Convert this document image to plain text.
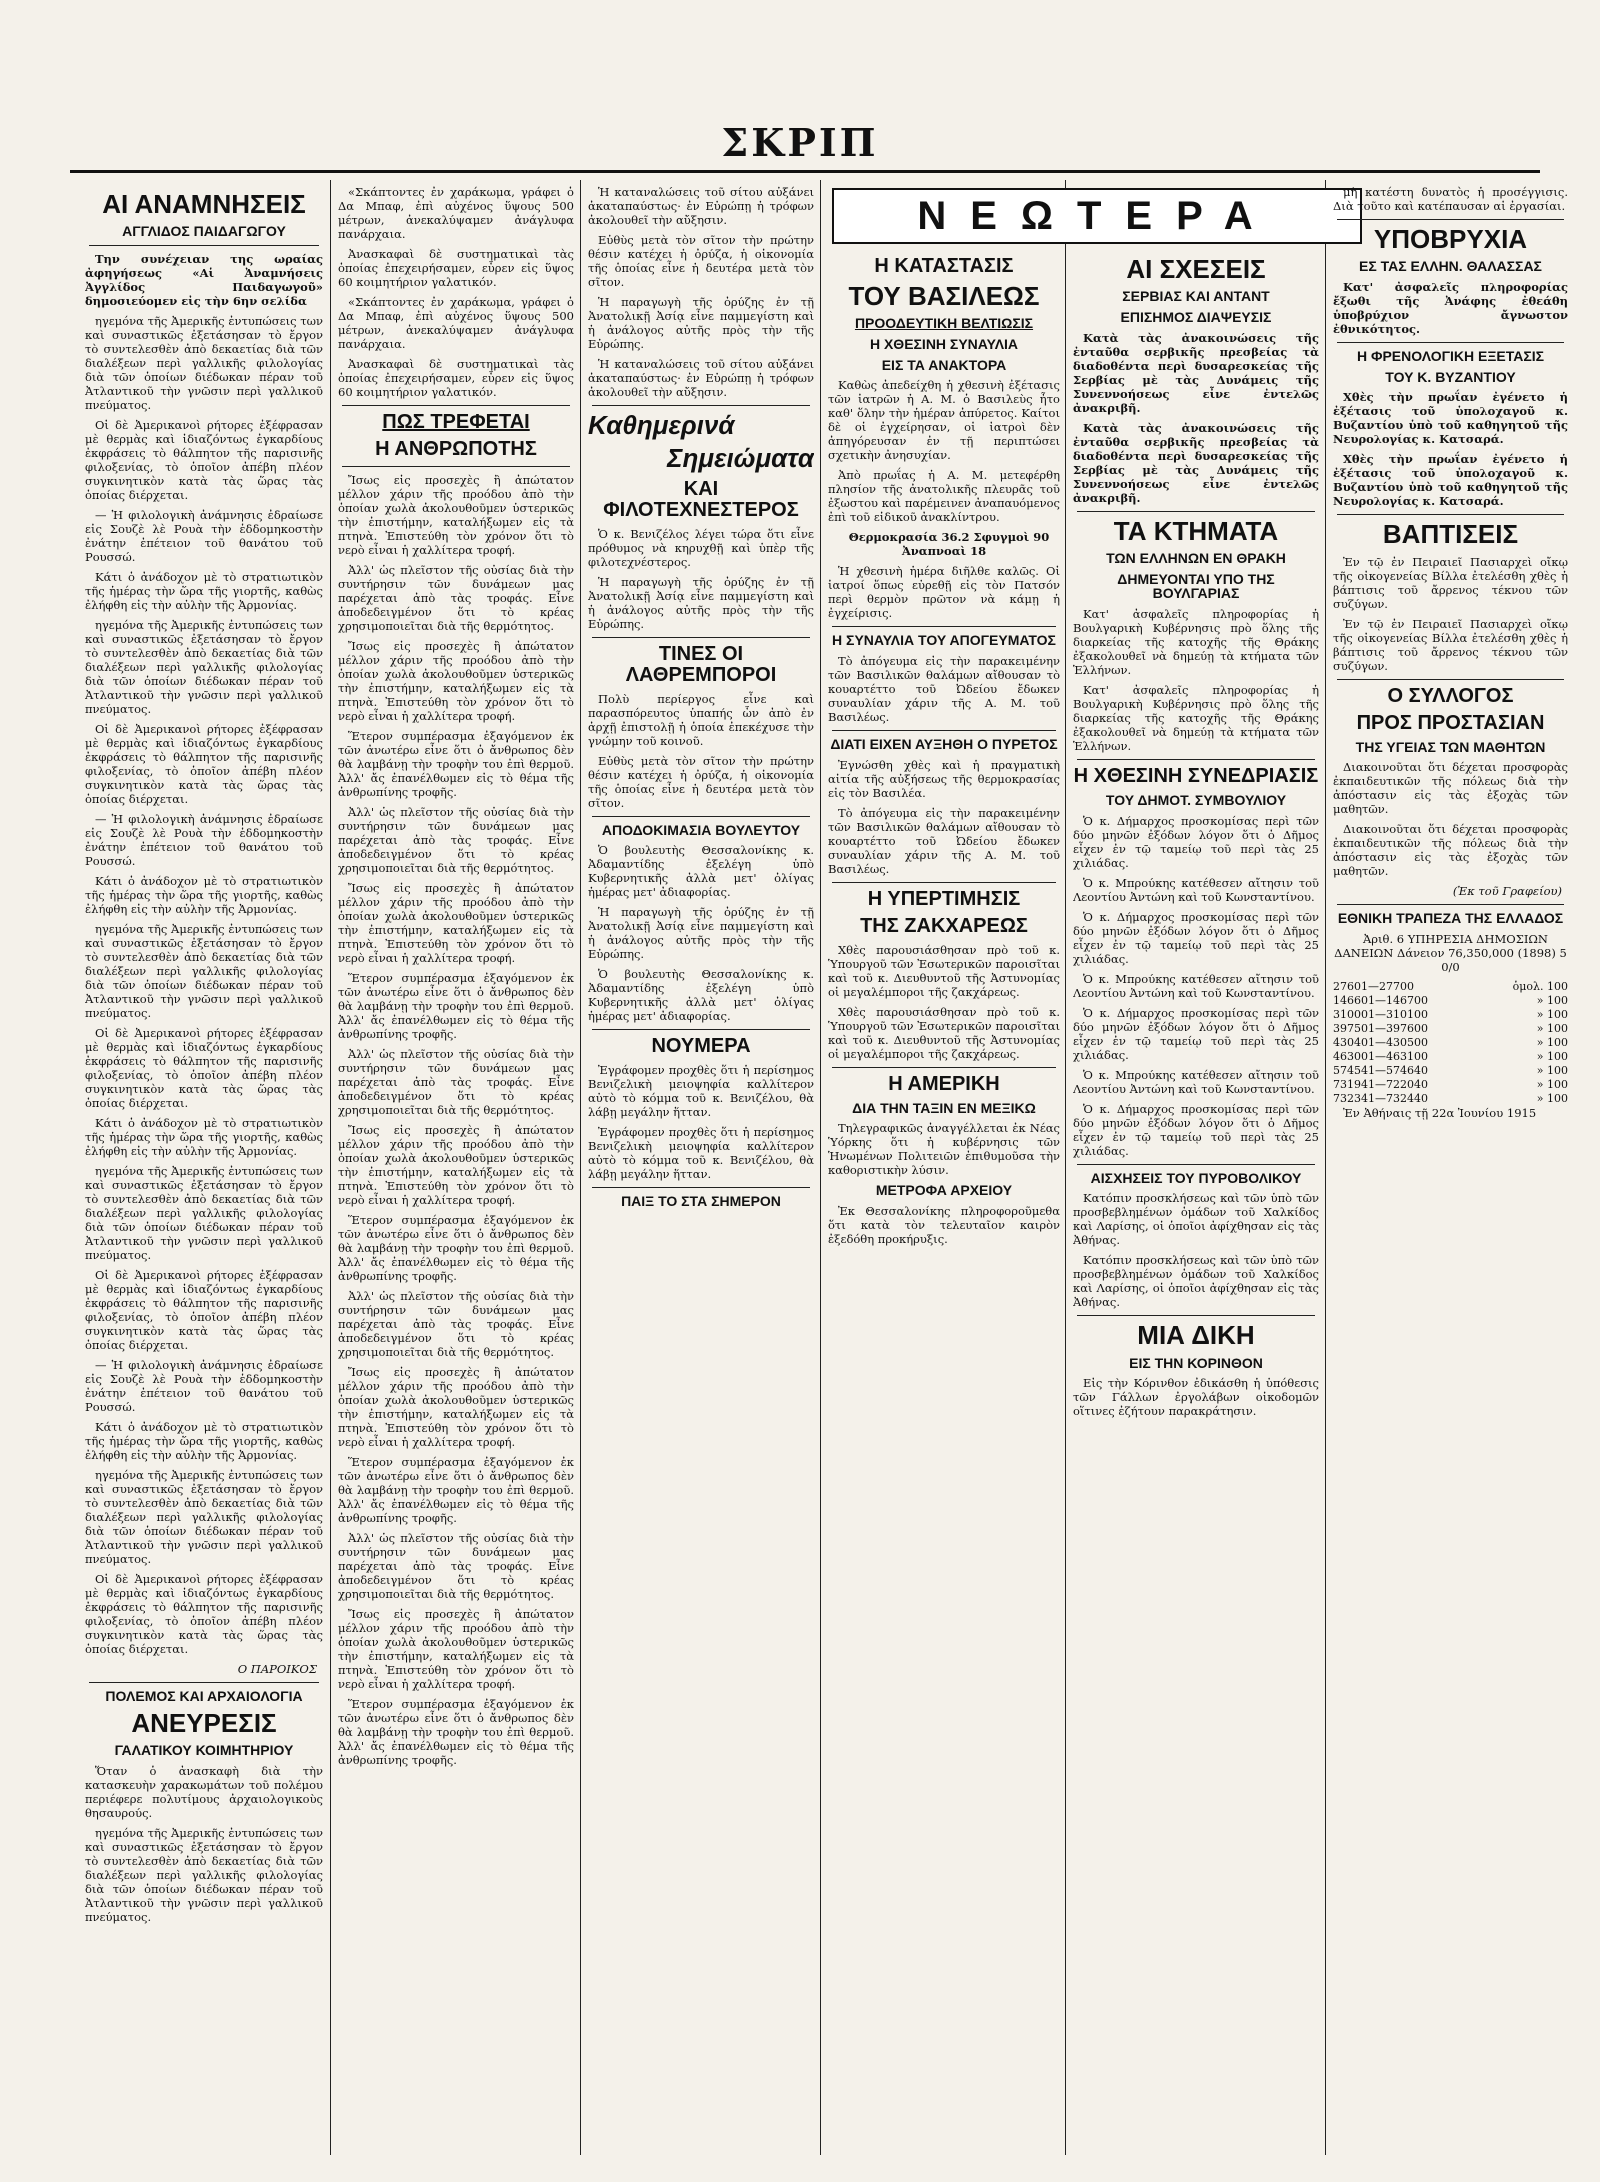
ΣΚΡΙΠ
ΑΙ ΑΝΑΜΝΗΣΕΙΣ
ΑΓΓΛΙΔΟΣ ΠΑΙΔΑΓΩΓΟΥ

Την συνέχειαν της ωραίας ἀφηγήσεως «Αἱ Ἀναμνήσεις Ἀγγλίδος Παιδαγωγοῦ» δημοσιεύομεν εἰς τὴν 6ην σελίδα

ηγεμόνα τῆς Ἀμερικῆς ἐντυπώσεις των καὶ συναστικῶς ἐξετάσησαν τὸ ἔργον τὸ συντελεσθὲν ἀπὸ δεκαετίας διὰ τῶν διαλέξεων περὶ γαλλικῆς φιλολογίας διὰ τῶν ὁποίων διέδωκαν πέραν τοῦ Ἀτλαντικοῦ τὴν γνῶσιν περὶ γαλλικοῦ πνεύματος.

Οἱ δὲ Ἀμερικανοὶ ρήτορες ἐξέφρασαν μὲ θερμὰς καὶ ἰδιαζόντως ἐγκαρδίους ἐκφράσεις τὸ θάλπητον τῆς παρισινῆς φιλοξενίας, τὸ ὁποῖον ἀπέβη πλέον συγκινητικὸν κατὰ τὰς ὥρας τὰς ὁποίας διέρχεται.

— Ἡ φιλολογικὴ ἀνάμνησις ἐδραίωσε εἰς Σουζὲ λὲ Ρουὰ τὴν ἑδδομηκοστὴν ἐνάτην ἐπέτειον τοῦ θανάτου τοῦ Ρουσσώ.

Κάτι ὁ ἀνάδοχον μὲ τὸ στρατιωτικὸν τῆς ἡμέρας τὴν ὥρα τῆς γιορτῆς, καθὼς ἐλήφθη εἰς τὴν αὐλὴν τῆς Ἀρμονίας.

ηγεμόνα τῆς Ἀμερικῆς ἐντυπώσεις των καὶ συναστικῶς ἐξετάσησαν τὸ ἔργον τὸ συντελεσθὲν ἀπὸ δεκαετίας διὰ τῶν διαλέξεων περὶ γαλλικῆς φιλολογίας διὰ τῶν ὁποίων διέδωκαν πέραν τοῦ Ἀτλαντικοῦ τὴν γνῶσιν περὶ γαλλικοῦ πνεύματος.

Οἱ δὲ Ἀμερικανοὶ ρήτορες ἐξέφρασαν μὲ θερμὰς καὶ ἰδιαζόντως ἐγκαρδίους ἐκφράσεις τὸ θάλπητον τῆς παρισινῆς φιλοξενίας, τὸ ὁποῖον ἀπέβη πλέον συγκινητικὸν κατὰ τὰς ὥρας τὰς ὁποίας διέρχεται.

— Ἡ φιλολογικὴ ἀνάμνησις ἐδραίωσε εἰς Σουζὲ λὲ Ρουὰ τὴν ἑδδομηκοστὴν ἐνάτην ἐπέτειον τοῦ θανάτου τοῦ Ρουσσώ.

Κάτι ὁ ἀνάδοχον μὲ τὸ στρατιωτικὸν τῆς ἡμέρας τὴν ὥρα τῆς γιορτῆς, καθὼς ἐλήφθη εἰς τὴν αὐλὴν τῆς Ἀρμονίας.

ηγεμόνα τῆς Ἀμερικῆς ἐντυπώσεις των καὶ συναστικῶς ἐξετάσησαν τὸ ἔργον τὸ συντελεσθὲν ἀπὸ δεκαετίας διὰ τῶν διαλέξεων περὶ γαλλικῆς φιλολογίας διὰ τῶν ὁποίων διέδωκαν πέραν τοῦ Ἀτλαντικοῦ τὴν γνῶσιν περὶ γαλλικοῦ πνεύματος.

Οἱ δὲ Ἀμερικανοὶ ρήτορες ἐξέφρασαν μὲ θερμὰς καὶ ἰδιαζόντως ἐγκαρδίους ἐκφράσεις τὸ θάλπητον τῆς παρισινῆς φιλοξενίας, τὸ ὁποῖον ἀπέβη πλέον συγκινητικὸν κατὰ τὰς ὥρας τὰς ὁποίας διέρχεται.

Κάτι ὁ ἀνάδοχον μὲ τὸ στρατιωτικὸν τῆς ἡμέρας τὴν ὥρα τῆς γιορτῆς, καθὼς ἐλήφθη εἰς τὴν αὐλὴν τῆς Ἀρμονίας.

ηγεμόνα τῆς Ἀμερικῆς ἐντυπώσεις των καὶ συναστικῶς ἐξετάσησαν τὸ ἔργον τὸ συντελεσθὲν ἀπὸ δεκαετίας διὰ τῶν διαλέξεων περὶ γαλλικῆς φιλολογίας διὰ τῶν ὁποίων διέδωκαν πέραν τοῦ Ἀτλαντικοῦ τὴν γνῶσιν περὶ γαλλικοῦ πνεύματος.

Οἱ δὲ Ἀμερικανοὶ ρήτορες ἐξέφρασαν μὲ θερμὰς καὶ ἰδιαζόντως ἐγκαρδίους ἐκφράσεις τὸ θάλπητον τῆς παρισινῆς φιλοξενίας, τὸ ὁποῖον ἀπέβη πλέον συγκινητικὸν κατὰ τὰς ὥρας τὰς ὁποίας διέρχεται.

— Ἡ φιλολογικὴ ἀνάμνησις ἐδραίωσε εἰς Σουζὲ λὲ Ρουὰ τὴν ἑδδομηκοστὴν ἐνάτην ἐπέτειον τοῦ θανάτου τοῦ Ρουσσώ.

Κάτι ὁ ἀνάδοχον μὲ τὸ στρατιωτικὸν τῆς ἡμέρας τὴν ὥρα τῆς γιορτῆς, καθὼς ἐλήφθη εἰς τὴν αὐλὴν τῆς Ἀρμονίας.

ηγεμόνα τῆς Ἀμερικῆς ἐντυπώσεις των καὶ συναστικῶς ἐξετάσησαν τὸ ἔργον τὸ συντελεσθὲν ἀπὸ δεκαετίας διὰ τῶν διαλέξεων περὶ γαλλικῆς φιλολογίας διὰ τῶν ὁποίων διέδωκαν πέραν τοῦ Ἀτλαντικοῦ τὴν γνῶσιν περὶ γαλλικοῦ πνεύματος.

Οἱ δὲ Ἀμερικανοὶ ρήτορες ἐξέφρασαν μὲ θερμὰς καὶ ἰδιαζόντως ἐγκαρδίους ἐκφράσεις τὸ θάλπητον τῆς παρισινῆς φιλοξενίας, τὸ ὁποῖον ἀπέβη πλέον συγκινητικὸν κατὰ τὰς ὥρας τὰς ὁποίας διέρχεται.

Ο ΠΑΡΟΙΚΟΣ
ΠΟΛΕΜΟΣ ΚΑΙ ΑΡΧΑΙΟΛΟΓΙΑ
ΑΝΕΥΡΕΣΙΣ
ΓΑΛΑΤΙΚΟΥ ΚΟΙΜΗΤΗΡΙΟΥ

Ὅταν ὁ ἀνασκαφὴ διὰ τὴν κατασκευὴν χαρακωμάτων τοῦ πολέμου περιέφερε πολυτίμους ἀρχαιολογικοὺς θησαυρούς.

ηγεμόνα τῆς Ἀμερικῆς ἐντυπώσεις των καὶ συναστικῶς ἐξετάσησαν τὸ ἔργον τὸ συντελεσθὲν ἀπὸ δεκαετίας διὰ τῶν διαλέξεων περὶ γαλλικῆς φιλολογίας διὰ τῶν ὁποίων διέδωκαν πέραν τοῦ Ἀτλαντικοῦ τὴν γνῶσιν περὶ γαλλικοῦ πνεύματος.

«Σκάπτοντες ἐν χαράκωμα, γράφει ὁ Δα Μπαφ, ἐπὶ αὐχένος ὕψους 500 μέτρων, ἀνεκαλύψαμεν ἀνάγλυφα πανάρχαια.

Ἀνασκαφαὶ δὲ συστηματικαὶ τὰς ὁποίας ἐπεχειρήσαμεν, εὗρεν εἰς ὕψος 60 κοιμητήριον γαλατικόν.

«Σκάπτοντες ἐν χαράκωμα, γράφει ὁ Δα Μπαφ, ἐπὶ αὐχένος ὕψους 500 μέτρων, ἀνεκαλύψαμεν ἀνάγλυφα πανάρχαια.

Ἀνασκαφαὶ δὲ συστηματικαὶ τὰς ὁποίας ἐπεχειρήσαμεν, εὗρεν εἰς ὕψος 60 κοιμητήριον γαλατικόν.

ΠΩΣ ΤΡΕΦΕΤΑΙ
Η ΑΝΘΡΩΠΟΤΗΣ

Ἴσως εἰς προσεχὲς ἢ ἀπώτατον μέλλον χάριν τῆς προόδου ἀπὸ τὴν ὁποίαν χωλὰ ἀκολουθοῦμεν ὑστερικῶς τὴν ἐπιστήμην, καταλήξωμεν εἰς τὰ πτηνὰ. Ἐπιστεύθη τὸν χρόνον ὅτι τὸ νερὸ εἶναι ἡ χαλλίτερα τροφή.

Ἀλλ' ὡς πλεῖστον τῆς οὐσίας διὰ τὴν συντήρησιν τῶν δυνάμεων μας παρέχεται ἀπὸ τὰς τροφάς. Εἶνε ἀποδεδειγμένον ὅτι τὸ κρέας χρησιμοποιεῖται διὰ τῆς θερμότητος.

Ἴσως εἰς προσεχὲς ἢ ἀπώτατον μέλλον χάριν τῆς προόδου ἀπὸ τὴν ὁποίαν χωλὰ ἀκολουθοῦμεν ὑστερικῶς τὴν ἐπιστήμην, καταλήξωμεν εἰς τὰ πτηνὰ. Ἐπιστεύθη τὸν χρόνον ὅτι τὸ νερὸ εἶναι ἡ χαλλίτερα τροφή.

Ἕτερον συμπέρασμα ἐξαγόμενον ἐκ τῶν ἀνωτέρω εἶνε ὅτι ὁ ἄνθρωπος δὲν θὰ λαμβάνῃ τὴν τροφὴν του ἐπὶ θερμοῦ. Ἀλλ' ἄς ἐπανέλθωμεν εἰς τὸ θέμα τῆς ἀνθρωπίνης τροφῆς.

Ἀλλ' ὡς πλεῖστον τῆς οὐσίας διὰ τὴν συντήρησιν τῶν δυνάμεων μας παρέχεται ἀπὸ τὰς τροφάς. Εἶνε ἀποδεδειγμένον ὅτι τὸ κρέας χρησιμοποιεῖται διὰ τῆς θερμότητος.

Ἴσως εἰς προσεχὲς ἢ ἀπώτατον μέλλον χάριν τῆς προόδου ἀπὸ τὴν ὁποίαν χωλὰ ἀκολουθοῦμεν ὑστερικῶς τὴν ἐπιστήμην, καταλήξωμεν εἰς τὰ πτηνὰ. Ἐπιστεύθη τὸν χρόνον ὅτι τὸ νερὸ εἶναι ἡ χαλλίτερα τροφή.

Ἕτερον συμπέρασμα ἐξαγόμενον ἐκ τῶν ἀνωτέρω εἶνε ὅτι ὁ ἄνθρωπος δὲν θὰ λαμβάνῃ τὴν τροφὴν του ἐπὶ θερμοῦ. Ἀλλ' ἄς ἐπανέλθωμεν εἰς τὸ θέμα τῆς ἀνθρωπίνης τροφῆς.

Ἀλλ' ὡς πλεῖστον τῆς οὐσίας διὰ τὴν συντήρησιν τῶν δυνάμεων μας παρέχεται ἀπὸ τὰς τροφάς. Εἶνε ἀποδεδειγμένον ὅτι τὸ κρέας χρησιμοποιεῖται διὰ τῆς θερμότητος.

Ἴσως εἰς προσεχὲς ἢ ἀπώτατον μέλλον χάριν τῆς προόδου ἀπὸ τὴν ὁποίαν χωλὰ ἀκολουθοῦμεν ὑστερικῶς τὴν ἐπιστήμην, καταλήξωμεν εἰς τὰ πτηνὰ. Ἐπιστεύθη τὸν χρόνον ὅτι τὸ νερὸ εἶναι ἡ χαλλίτερα τροφή.

Ἕτερον συμπέρασμα ἐξαγόμενον ἐκ τῶν ἀνωτέρω εἶνε ὅτι ὁ ἄνθρωπος δὲν θὰ λαμβάνῃ τὴν τροφὴν του ἐπὶ θερμοῦ. Ἀλλ' ἄς ἐπανέλθωμεν εἰς τὸ θέμα τῆς ἀνθρωπίνης τροφῆς.

Ἀλλ' ὡς πλεῖστον τῆς οὐσίας διὰ τὴν συντήρησιν τῶν δυνάμεων μας παρέχεται ἀπὸ τὰς τροφάς. Εἶνε ἀποδεδειγμένον ὅτι τὸ κρέας χρησιμοποιεῖται διὰ τῆς θερμότητος.

Ἴσως εἰς προσεχὲς ἢ ἀπώτατον μέλλον χάριν τῆς προόδου ἀπὸ τὴν ὁποίαν χωλὰ ἀκολουθοῦμεν ὑστερικῶς τὴν ἐπιστήμην, καταλήξωμεν εἰς τὰ πτηνὰ. Ἐπιστεύθη τὸν χρόνον ὅτι τὸ νερὸ εἶναι ἡ χαλλίτερα τροφή.

Ἕτερον συμπέρασμα ἐξαγόμενον ἐκ τῶν ἀνωτέρω εἶνε ὅτι ὁ ἄνθρωπος δὲν θὰ λαμβάνῃ τὴν τροφὴν του ἐπὶ θερμοῦ. Ἀλλ' ἄς ἐπανέλθωμεν εἰς τὸ θέμα τῆς ἀνθρωπίνης τροφῆς.

Ἀλλ' ὡς πλεῖστον τῆς οὐσίας διὰ τὴν συντήρησιν τῶν δυνάμεων μας παρέχεται ἀπὸ τὰς τροφάς. Εἶνε ἀποδεδειγμένον ὅτι τὸ κρέας χρησιμοποιεῖται διὰ τῆς θερμότητος.

Ἴσως εἰς προσεχὲς ἢ ἀπώτατον μέλλον χάριν τῆς προόδου ἀπὸ τὴν ὁποίαν χωλὰ ἀκολουθοῦμεν ὑστερικῶς τὴν ἐπιστήμην, καταλήξωμεν εἰς τὰ πτηνὰ. Ἐπιστεύθη τὸν χρόνον ὅτι τὸ νερὸ εἶναι ἡ χαλλίτερα τροφή.

Ἕτερον συμπέρασμα ἐξαγόμενον ἐκ τῶν ἀνωτέρω εἶνε ὅτι ὁ ἄνθρωπος δὲν θὰ λαμβάνῃ τὴν τροφὴν του ἐπὶ θερμοῦ. Ἀλλ' ἄς ἐπανέλθωμεν εἰς τὸ θέμα τῆς ἀνθρωπίνης τροφῆς.

Ἡ καταναλώσεις τοῦ σίτου αὐξάνει ἀκαταπαύστως· ἐν Εὐρώπῃ ἡ τρόφων ἀκολουθεῖ τὴν αὔξησιν.

Εὐθὺς μετὰ τὸν σῖτον τὴν πρώτην θέσιν κατέχει ἡ ὀρύζα, ἡ οἰκονομία τῆς ὁποίας εἶνε ἡ δευτέρα μετὰ τὸν σῖτον.

Ἡ παραγωγὴ τῆς ὀρύζης ἐν τῇ Ἀνατολικῇ Ἀσίᾳ εἶνε παμμεγίστη καὶ ἡ ἀνάλογος αὐτῆς πρὸς τὴν τῆς Εὐρώπης.

Ἡ καταναλώσεις τοῦ σίτου αὐξάνει ἀκαταπαύστως· ἐν Εὐρώπῃ ἡ τρόφων ἀκολουθεῖ τὴν αὔξησιν.

Καθημερινά
Σημειώματα
ΚΑΙ ΦΙΛΟΤΕΧΝΕΣΤΕΡΟΣ

Ὁ κ. Βενιζέλος λέγει τώρα ὅτι εἶνε πρόθυμος νὰ κηρυχθῇ καὶ ὑπὲρ τῆς φιλοτεχνέστερος.

Ἡ παραγωγὴ τῆς ὀρύζης ἐν τῇ Ἀνατολικῇ Ἀσίᾳ εἶνε παμμεγίστη καὶ ἡ ἀνάλογος αὐτῆς πρὸς τὴν τῆς Εὐρώπης.

ΤΙΝΕΣ ΟΙ ΛΑΘΡΕΜΠΟΡΟΙ

Πολὺ περίεργος εἶνε καὶ παρασπόρευτος ὑπαπής ὧν ἀπὸ ἐν ἀρχῇ ἐπιστολῇ ἡ ὁποία ἐπεκέχυσε τὴν γνώμην τοῦ κοινοῦ.

Εὐθὺς μετὰ τὸν σῖτον τὴν πρώτην θέσιν κατέχει ἡ ὀρύζα, ἡ οἰκονομία τῆς ὁποίας εἶνε ἡ δευτέρα μετὰ τὸν σῖτον.

ΑΠΟΔΟΚΙΜΑΣΙΑ ΒΟΥΛΕΥΤΟΥ

Ὁ βουλευτὴς Θεσσαλονίκης κ. Ἀδαμαντίδης ἐξελέγη ὑπὸ Κυβερνητικῆς ἀλλὰ μετ' ὀλίγας ἡμέρας μετ' ἀδιαφορίας.

Ἡ παραγωγὴ τῆς ὀρύζης ἐν τῇ Ἀνατολικῇ Ἀσίᾳ εἶνε παμμεγίστη καὶ ἡ ἀνάλογος αὐτῆς πρὸς τὴν τῆς Εὐρώπης.

Ὁ βουλευτὴς Θεσσαλονίκης κ. Ἀδαμαντίδης ἐξελέγη ὑπὸ Κυβερνητικῆς ἀλλὰ μετ' ὀλίγας ἡμέρας μετ' ἀδιαφορίας.

ΝΟΥΜΕΡΑ

Ἐγράφομεν προχθὲς ὅτι ἡ περίσημος Βενιζελικὴ μειοψηφία καλλίτερον αὐτὸ τὸ κόμμα τοῦ κ. Βενιζέλου, θὰ λάβῃ μεγάλην ἥτταν.

Ἐγράφομεν προχθὲς ὅτι ἡ περίσημος Βενιζελικὴ μειοψηφία καλλίτερον αὐτὸ τὸ κόμμα τοῦ κ. Βενιζέλου, θὰ λάβῃ μεγάλην ἥτταν.

ΠΑΙΞ ΤΟ ΣΤΑ ΣΗΜΕΡΟΝ
ΝΕΩΤΕΡΑ
Η ΚΑΤΑΣΤΑΣΙΣ
ΤΟΥ ΒΑΣΙΛΕΩΣ
ΠΡΟΟΔΕΥΤΙΚΗ ΒΕΛΤΙΩΣΙΣ
Η ΧΘΕΣΙΝΗ ΣΥΝΑΥΛΙΑ
ΕΙΣ ΤΑ ΑΝΑΚΤΟΡΑ

Καθὼς ἀπεδείχθη ἡ χθεσινὴ ἐξέτασις τῶν ἰατρῶν ἡ Α. Μ. ὁ Βασιλεὺς ἦτο καθ' ὅλην τὴν ἡμέραν ἀπύρετος. Καίτοι δὲ οἱ ἐγχείρησαν, οἱ ἰατροὶ δὲν ἀπηγόρευσαν ἐν τῇ περιπτώσει σχετικὴν ἀνησυχίαν.

Ἀπὸ πρωΐας ἡ Α. Μ. μετεφέρθη πλησίον τῆς ἀνατολικῆς πλευρᾶς τοῦ ἐξωστου καὶ παρέμεινεν ἀναπαυόμενος ἐπὶ τοῦ εἰδικοῦ ἀνακλίντρου.

Θερμοκρασία 36.2 Σφυγμοὶ 90 Ἀναπνοαὶ 18

Ἡ χθεσινὴ ἡμέρα διῆλθε καλῶς. Οἱ ἰατροί ὅπως εὑρεθῇ εἰς τὸν Πατσόν περὶ θερμὸν πρῶτον νὰ κάμῃ ἡ ἐγχείρισις.

Η ΣΥΝΑΥΛΙΑ ΤΟΥ ΑΠΟΓΕΥΜΑΤΟΣ

Τὸ ἀπόγευμα εἰς τὴν παρακειμένην τῶν Βασιλικῶν θαλάμων αἴθουσαν τὸ κουαρτέττο τοῦ Ὠδείου ἔδωκεν συναυλίαν χάριν τῆς Α. Μ. τοῦ Βασιλέως.

ΔΙΑΤΙ ΕΙΧΕΝ ΑΥΞΗΘΗ Ο ΠΥΡΕΤΟΣ

Ἐγνώσθη χθὲς καὶ ἡ πραγματικὴ αἰτία τῆς αὐξήσεως τῆς θερμοκρασίας εἰς τὸν Βασιλέα.

Τὸ ἀπόγευμα εἰς τὴν παρακειμένην τῶν Βασιλικῶν θαλάμων αἴθουσαν τὸ κουαρτέττο τοῦ Ὠδείου ἔδωκεν συναυλίαν χάριν τῆς Α. Μ. τοῦ Βασιλέως.

Η ΥΠΕΡΤΙΜΗΣΙΣ
ΤΗΣ ΖΑΚΧΑΡΕΩΣ

Χθὲς παρουσιάσθησαν πρὸ τοῦ κ. Ὑπουργοῦ τῶν Ἐσωτερικῶν παροισῖται καὶ τοῦ κ. Διευθυντοῦ τῆς Ἀστυνομίας οἱ μεγαλέμποροι τῆς ζακχάρεως.

Χθὲς παρουσιάσθησαν πρὸ τοῦ κ. Ὑπουργοῦ τῶν Ἐσωτερικῶν παροισῖται καὶ τοῦ κ. Διευθυντοῦ τῆς Ἀστυνομίας οἱ μεγαλέμποροι τῆς ζακχάρεως.

Η ΑΜΕΡΙΚΗ
ΔΙΑ ΤΗΝ ΤΑΞΙΝ ΕΝ ΜΕΞΙΚΩ

Τηλεγραφικῶς ἀναγγέλλεται ἐκ Νέας Ὑόρκης ὅτι ἡ κυβέρνησις τῶν Ἡνωμένων Πολιτειῶν ἐπιθυμοῦσα τὴν καθοριστικὴν λύσιν.

ΜΕΤΡΟΦΑ ΑΡΧΕΙΟΥ

Ἐκ Θεσσαλονίκης πληροφοροῦμεθα ὅτι κατὰ τὸν τελευταῖον καιρὸν ἐξεδόθη προκήρυξις.

ΑΙ ΣΧΕΣΕΙΣ
ΣΕΡΒΙΑΣ ΚΑΙ ΑΝΤΑΝΤ
ΕΠΙΣΗΜΟΣ ΔΙΑΨΕΥΣΙΣ

Κατὰ τὰς ἀνακοινώσεις τῆς ἐνταῦθα σερβικῆς πρεσβείας τὰ διαδοθέντα περὶ δυσαρεσκείας τῆς Σερβίας μὲ τὰς Δυνάμεις τῆς Συνεννοήσεως εἶνε ἐντελῶς ἀνακριβῆ.

Κατὰ τὰς ἀνακοινώσεις τῆς ἐνταῦθα σερβικῆς πρεσβείας τὰ διαδοθέντα περὶ δυσαρεσκείας τῆς Σερβίας μὲ τὰς Δυνάμεις τῆς Συνεννοήσεως εἶνε ἐντελῶς ἀνακριβῆ.

ΤΑ ΚΤΗΜΑΤΑ
ΤΩΝ ΕΛΛΗΝΩΝ ΕΝ ΘΡΑΚΗ
ΔΗΜΕΥΟΝΤΑΙ ΥΠΟ ΤΗΣ ΒΟΥΛΓΑΡΙΑΣ

Κατ' ἀσφαλεῖς πληροφορίας ἡ Βουλγαρικὴ Κυβέρνησις πρὸ ὅλης τῆς διαρκείας τῆς κατοχῆς τῆς Θράκης ἐξακολουθεῖ νὰ δημεύῃ τὰ κτήματα τῶν Ἑλλήνων.

Κατ' ἀσφαλεῖς πληροφορίας ἡ Βουλγαρικὴ Κυβέρνησις πρὸ ὅλης τῆς διαρκείας τῆς κατοχῆς τῆς Θράκης ἐξακολουθεῖ νὰ δημεύῃ τὰ κτήματα τῶν Ἑλλήνων.

Η ΧΘΕΣΙΝΗ ΣΥΝΕΔΡΙΑΣΙΣ
ΤΟΥ ΔΗΜΟΤ. ΣΥΜΒΟΥΛΙΟΥ

Ὁ κ. Δήμαρχος προσκομίσας περὶ τῶν δύο μηνῶν ἐξόδων λόγον ὅτι ὁ Δῆμος εἶχεν ἐν τῷ ταμείῳ τοῦ περὶ τὰς 25 χιλιάδας.

Ὁ κ. Μπρούκης κατέθεσεν αἴτησιν τοῦ Λεοντίου Ἀντώνη καὶ τοῦ Κωνσταντίνου.

Ὁ κ. Δήμαρχος προσκομίσας περὶ τῶν δύο μηνῶν ἐξόδων λόγον ὅτι ὁ Δῆμος εἶχεν ἐν τῷ ταμείῳ τοῦ περὶ τὰς 25 χιλιάδας.

Ὁ κ. Μπρούκης κατέθεσεν αἴτησιν τοῦ Λεοντίου Ἀντώνη καὶ τοῦ Κωνσταντίνου.

Ὁ κ. Δήμαρχος προσκομίσας περὶ τῶν δύο μηνῶν ἐξόδων λόγον ὅτι ὁ Δῆμος εἶχεν ἐν τῷ ταμείῳ τοῦ περὶ τὰς 25 χιλιάδας.

Ὁ κ. Μπρούκης κατέθεσεν αἴτησιν τοῦ Λεοντίου Ἀντώνη καὶ τοῦ Κωνσταντίνου.

Ὁ κ. Δήμαρχος προσκομίσας περὶ τῶν δύο μηνῶν ἐξόδων λόγον ὅτι ὁ Δῆμος εἶχεν ἐν τῷ ταμείῳ τοῦ περὶ τὰς 25 χιλιάδας.

ΑΙΣΧΗΣΕΙΣ ΤΟΥ ΠΥΡΟΒΟΛΙΚΟΥ

Κατόπιν προσκλήσεως καὶ τῶν ὑπὸ τῶν προσβεβλημένων ὁμάδων τοῦ Χαλκίδος καὶ Λαρίσης, οἱ ὁποῖοι ἀφίχθησαν εἰς τὰς Ἀθήνας.

Κατόπιν προσκλήσεως καὶ τῶν ὑπὸ τῶν προσβεβλημένων ὁμάδων τοῦ Χαλκίδος καὶ Λαρίσης, οἱ ὁποῖοι ἀφίχθησαν εἰς τὰς Ἀθήνας.

ΜΙΑ ΔΙΚΗ
ΕΙΣ ΤΗΝ ΚΟΡΙΝΘΟΝ

Εἰς τὴν Κόρινθον ἐδικάσθη ἡ ὑπόθεσις τῶν Γάλλων ἐργολάβων οἰκοδομῶν οἵτινες ἐζήτουν παρακράτησιν.

μὴ κατέστη δυνατὸς ἡ προσέγγισις. Διὰ τοῦτο καὶ κατέπαυσαν αἱ ἐργασίαι.

ΥΠΟΒΡΥΧΙΑ
ΕΣ ΤΑΣ ΕΛΛΗΝ. ΘΑΛΑΣΣΑΣ

Κατ' ἀσφαλεῖς πληροφορίας ἔξωθι τῆς Ἀνάφης ἐθεάθη ὑποβρύχιον ἄγνωστον ἐθνικότητος.

Η ΦΡΕΝΟΛΟΓΙΚΗ ΕΞΕΤΑΣΙΣ
ΤΟΥ Κ. ΒΥΖΑΝΤΙΟΥ

Χθὲς τὴν πρωΐαν ἐγένετο ἡ ἐξέτασις τοῦ ὑπολοχαγοῦ κ. Βυζαντίου ὑπὸ τοῦ καθηγητοῦ τῆς Νευρολογίας κ. Κατσαρά.

Χθὲς τὴν πρωΐαν ἐγένετο ἡ ἐξέτασις τοῦ ὑπολοχαγοῦ κ. Βυζαντίου ὑπὸ τοῦ καθηγητοῦ τῆς Νευρολογίας κ. Κατσαρά.

ΒΑΠΤΙΣΕΙΣ

Ἐν τῷ ἐν Πειραιεῖ Πασιαρχεὶ οἴκῳ τῆς οἰκογενείας Βίλλα ἐτελέσθη χθὲς ἡ βάπτισις τοῦ ἄρρενος τέκνου τῶν συζύγων.

Ἐν τῷ ἐν Πειραιεῖ Πασιαρχεὶ οἴκῳ τῆς οἰκογενείας Βίλλα ἐτελέσθη χθὲς ἡ βάπτισις τοῦ ἄρρενος τέκνου τῶν συζύγων.

Ο ΣΥΛΛΟΓΟΣ
ΠΡΟΣ ΠΡΟΣΤΑΣΙΑΝ
ΤΗΣ ΥΓΕΙΑΣ ΤΩΝ ΜΑΘΗΤΩΝ

Διακοινοῦται ὅτι δέχεται προσφορὰς ἐκπαιδευτικῶν τῆς πόλεως διὰ τὴν ἀπόστασιν εἰς τὰς ἐξοχὰς τῶν μαθητῶν.

Διακοινοῦται ὅτι δέχεται προσφορὰς ἐκπαιδευτικῶν τῆς πόλεως διὰ τὴν ἀπόστασιν εἰς τὰς ἐξοχὰς τῶν μαθητῶν.

(Ἐκ τοῦ Γραφείου)
ΕΘΝΙΚΗ ΤΡΑΠΕΖΑ ΤΗΣ ΕΛΛΑΔΟΣ

Ἀριθ. 6 ΥΠΗΡΕΣΙΑ ΔΗΜΟΣΙΩΝ ΔΑΝΕΙΩΝ Δάνειον 76,350,000 (1898) 5 0/0

27601—27700	ὁμολ. 100
146601—146700	» 100
310001—310100	» 100
397501—397600	» 100
430401—430500	» 100
463001—463100	» 100
574541—574640	» 100
731941—722040	» 100
732341—732440	» 100

Ἐν Ἀθήναις τῇ 22α Ἰουνίου 1915
